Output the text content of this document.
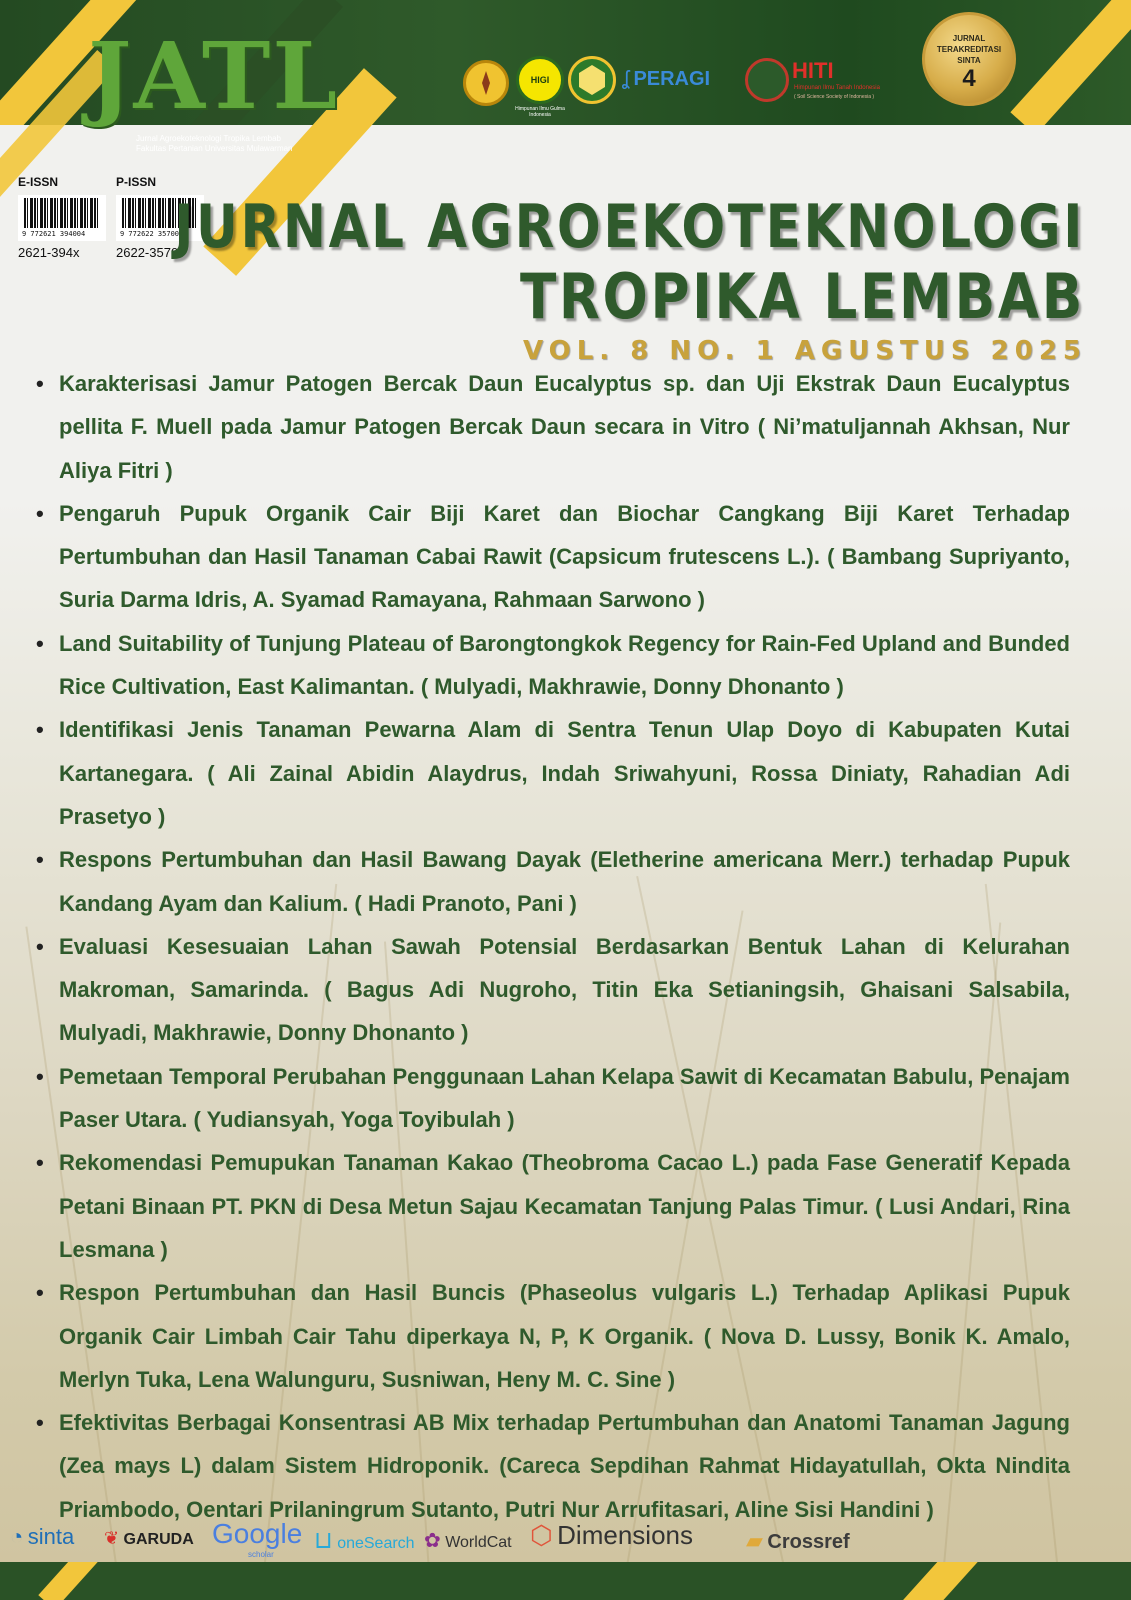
JATL
Jurnal Agroekoteknologi Tropika Lembab
Fakultas Pertanian Universitas Mulawarman
HIGI
Himpunan Ilmu Gulma Indonesia
ʆ PERAGI	HITI
Himpunan Ilmu Tanah Indonesia
( Soil Science Society of Indonesia )
JURNAL
TERAKREDITASI
SINTA
4
E-ISSN
9 772621 394004
2621-394x
P-ISSN
9 772622 357008
2622-3570
JURNAL AGROEKOTEKNOLOGI
TROPIKA LEMBAB
VOL. 8 NO. 1 AGUSTUS 2025
• Karakterisasi Jamur Patogen Bercak Daun Eucalyptus sp. dan Uji Ekstrak Daun Eucalyptus pellita F. Muell pada Jamur Patogen Bercak Daun secara in Vitro ( Ni’matuljannah Akhsan, Nur Aliya Fitri )
• Pengaruh Pupuk Organik Cair Biji Karet dan Biochar Cangkang Biji Karet Terhadap Pertumbuhan dan Hasil Tanaman Cabai Rawit (Capsicum frutescens L.). ( Bambang Supriyanto, Suria Darma Idris, A. Syamad Ramayana, Rahmaan Sarwono )
• Land Suitability of Tunjung Plateau of Barongtongkok Regency for Rain-Fed Upland and Bunded Rice Cultivation, East Kalimantan. ( Mulyadi, Makhrawie, Donny Dhonanto )
• Identifikasi Jenis Tanaman Pewarna Alam di Sentra Tenun Ulap Doyo di Kabupaten Kutai Kartanegara. ( Ali Zainal Abidin Alaydrus, Indah Sriwahyuni, Rossa Diniaty, Rahadian Adi Prasetyo )
• Respons Pertumbuhan dan Hasil Bawang Dayak (Eletherine americana Merr.) terhadap Pupuk Kandang Ayam dan Kalium. ( Hadi Pranoto, Pani )
• Evaluasi Kesesuaian Lahan Sawah Potensial Berdasarkan Bentuk Lahan di Kelurahan Makroman, Samarinda. ( Bagus Adi Nugroho, Titin Eka Setianingsih, Ghaisani Salsabila, Mulyadi, Makhrawie, Donny Dhonanto )
• Pemetaan Temporal Perubahan Penggunaan Lahan Kelapa Sawit di Kecamatan Babulu, Penajam Paser Utara. ( Yudiansyah, Yoga Toyibulah )
• Rekomendasi Pemupukan Tanaman Kakao (Theobroma Cacao L.) pada Fase Generatif Kepada Petani Binaan PT. PKN di Desa Metun Sajau Kecamatan Tanjung Palas Timur. ( Lusi Andari, Rina Lesmana )
• Respon Pertumbuhan dan Hasil Buncis (Phaseolus vulgaris L.) Terhadap Aplikasi Pupuk Organik Cair Limbah Cair Tahu diperkaya N, P, K Organik. ( Nova D. Lussy, Bonik K. Amalo, Merlyn Tuka, Lena Walunguru, Susniwan, Heny M. C. Sine )
• Efektivitas Berbagai Konsentrasi AB Mix terhadap Pertumbuhan dan Anatomi Tanaman Jagung (Zea mays L) dalam Sistem Hidroponik. (Careca Sepdihan Rahmat Hidayatullah, Okta Nindita Priambodo, Oentari Prilaningrum Sutanto, Putri Nur Arrufitasari, Aline Sisi Handini )
◔ sinta ❦ GARUDA Google
scholar
⊔ oneSearch ✿ WorldCat ⬡ Dimensions ▰ Crossref
